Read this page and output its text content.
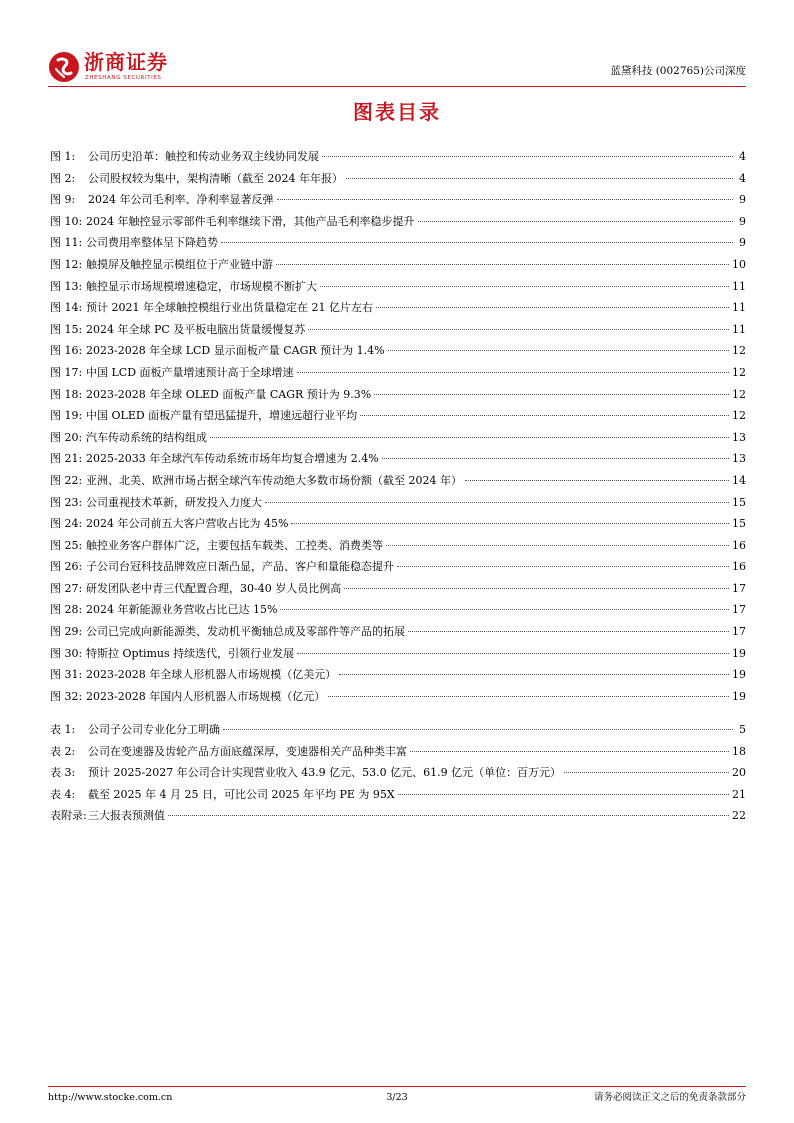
浙商证券
ZHESHANG SECURITIES
蓝黛科技 (002765)公司深度
图表目录
图 1:	公司历史沿革：触控和传动业务双主线协同发展	4
图 2:	公司股权较为集中，架构清晰（截至 2024 年年报）	4
图 9:	2024 年公司毛利率、净利率显著反弹	9
图 10: 2024 年触控显示零部件毛利率继续下滑，其他产品毛利率稳步提升	9
图 11: 公司费用率整体呈下降趋势	9
图 12: 触摸屏及触控显示模组位于产业链中游	10
图 13: 触控显示市场规模增速稳定，市场规模不断扩大	11
图 14: 预计 2021 年全球触控模组行业出货量稳定在 21 亿片左右	11
图 15: 2024 年全球 PC 及平板电脑出货量缓慢复苏	11
图 16: 2023-2028 年全球 LCD 显示面板产量 CAGR 预计为 1.4%	12
图 17: 中国 LCD 面板产量增速预计高于全球增速	12
图 18: 2023-2028 年全球 OLED 面板产量 CAGR 预计为 9.3%	12
图 19: 中国 OLED 面板产量有望迅猛提升，增速远超行业平均	12
图 20: 汽车传动系统的结构组成	13
图 21: 2025-2033 年全球汽车传动系统市场年均复合增速为 2.4%	13
图 22: 亚洲、北美、欧洲市场占据全球汽车传动绝大多数市场份额（截至 2024 年）	14
图 23: 公司重视技术革新，研发投入力度大	15
图 24: 2024 年公司前五大客户营收占比为 45%	15
图 25: 触控业务客户群体广泛，主要包括车载类、工控类、消费类等	16
图 26: 子公司台冠科技品牌效应日渐凸显，产品、客户和量能稳态提升	16
图 27: 研发团队老中青三代配置合理，30-40 岁人员比例高	17
图 28: 2024 年新能源业务营收占比已达 15%	17
图 29: 公司已完成向新能源类、发动机平衡轴总成及零部件等产品的拓展	17
图 30: 特斯拉 Optimus 持续迭代，引领行业发展	19
图 31: 2023-2028 年全球人形机器人市场规模（亿美元）	19
图 32: 2023-2028 年国内人形机器人市场规模（亿元）	19
表 1:	公司子公司专业化分工明确	5
表 2:	公司在变速器及齿轮产品方面底蕴深厚，变速器相关产品种类丰富	18
表 3:	预计 2025-2027 年公司合计实现营业收入 43.9 亿元、53.0 亿元、61.9 亿元（单位：百万元）	20
表 4:	截至 2025 年 4 月 25 日，可比公司 2025 年平均 PE 为 95X	21
表附录: 三大报表预测值	22
http://www.stocke.com.cn	3/23	请务必阅读正文之后的免责条款部分
